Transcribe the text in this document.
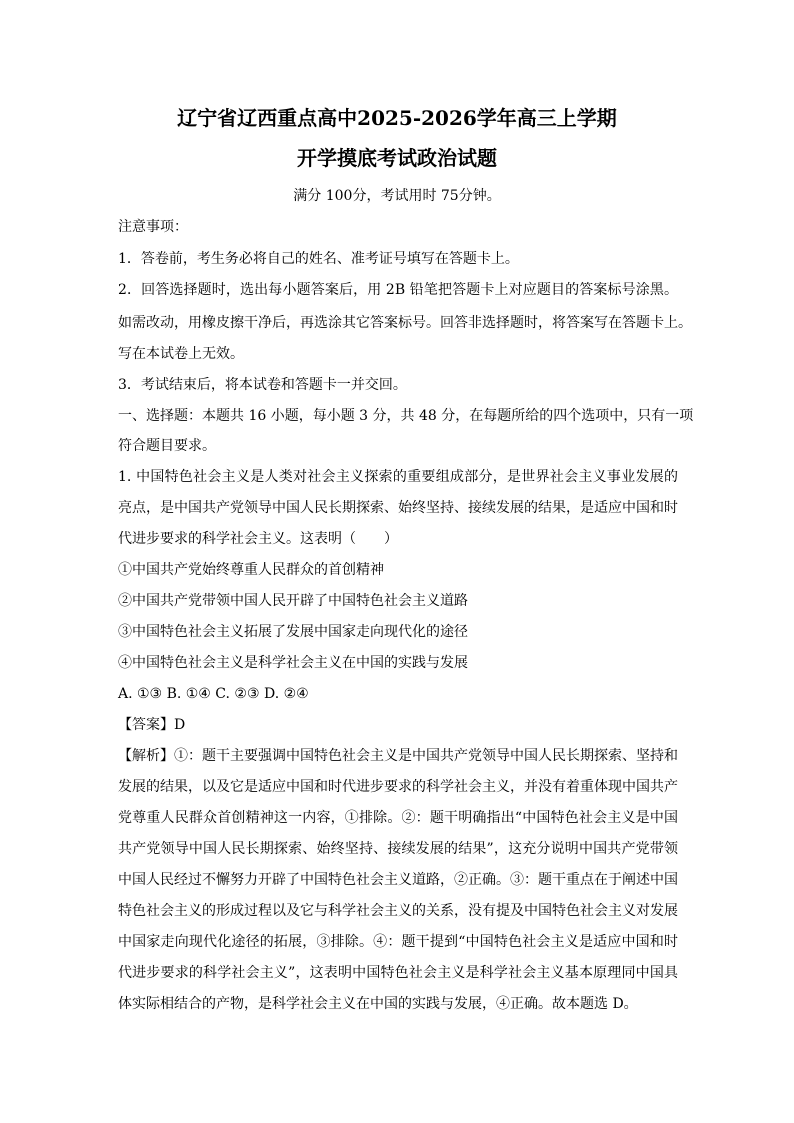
辽宁省辽西重点高中2025-2026学年高三上学期
开学摸底考试政治试题
满分 100分，考试用时 75分钟。
注意事项：
1．答卷前，考生务必将自己的姓名、准考证号填写在答题卡上。
2．回答选择题时，选出每小题答案后，用 2B 铅笔把答题卡上对应题目的答案标号涂黑。
如需改动，用橡皮擦干净后，再选涂其它答案标号。回答非选择题时，将答案写在答题卡上。
写在本试卷上无效。
3．考试结束后，将本试卷和答题卡一并交回。
一、选择题：本题共 16 小题，每小题 3 分，共 48 分，在每题所给的四个选项中，只有一项
符合题目要求。
1. 中国特色社会主义是人类对社会主义探索的重要组成部分，是世界社会主义事业发展的
亮点，是中国共产党领导中国人民长期探索、始终坚持、接续发展的结果，是适应中国和时
代进步要求的科学社会主义。这表明（　　）
①中国共产党始终尊重人民群众的首创精神
②中国共产党带领中国人民开辟了中国特色社会主义道路
③中国特色社会主义拓展了发展中国家走向现代化的途径
④中国特色社会主义是科学社会主义在中国的实践与发展
A. ①③ B. ①④ C. ②③ D. ②④
【答案】D
【解析】①：题干主要强调中国特色社会主义是中国共产党领导中国人民长期探索、坚持和
发展的结果，以及它是适应中国和时代进步要求的科学社会主义，并没有着重体现中国共产
党尊重人民群众首创精神这一内容，①排除。②：题干明确指出“中国特色社会主义是中国
共产党领导中国人民长期探索、始终坚持、接续发展的结果”，这充分说明中国共产党带领
中国人民经过不懈努力开辟了中国特色社会主义道路，②正确。③：题干重点在于阐述中国
特色社会主义的形成过程以及它与科学社会主义的关系，没有提及中国特色社会主义对发展
中国家走向现代化途径的拓展，③排除。④：题干提到“中国特色社会主义是适应中国和时
代进步要求的科学社会主义”，这表明中国特色社会主义是科学社会主义基本原理同中国具
体实际相结合的产物，是科学社会主义在中国的实践与发展，④正确。故本题选 D。
